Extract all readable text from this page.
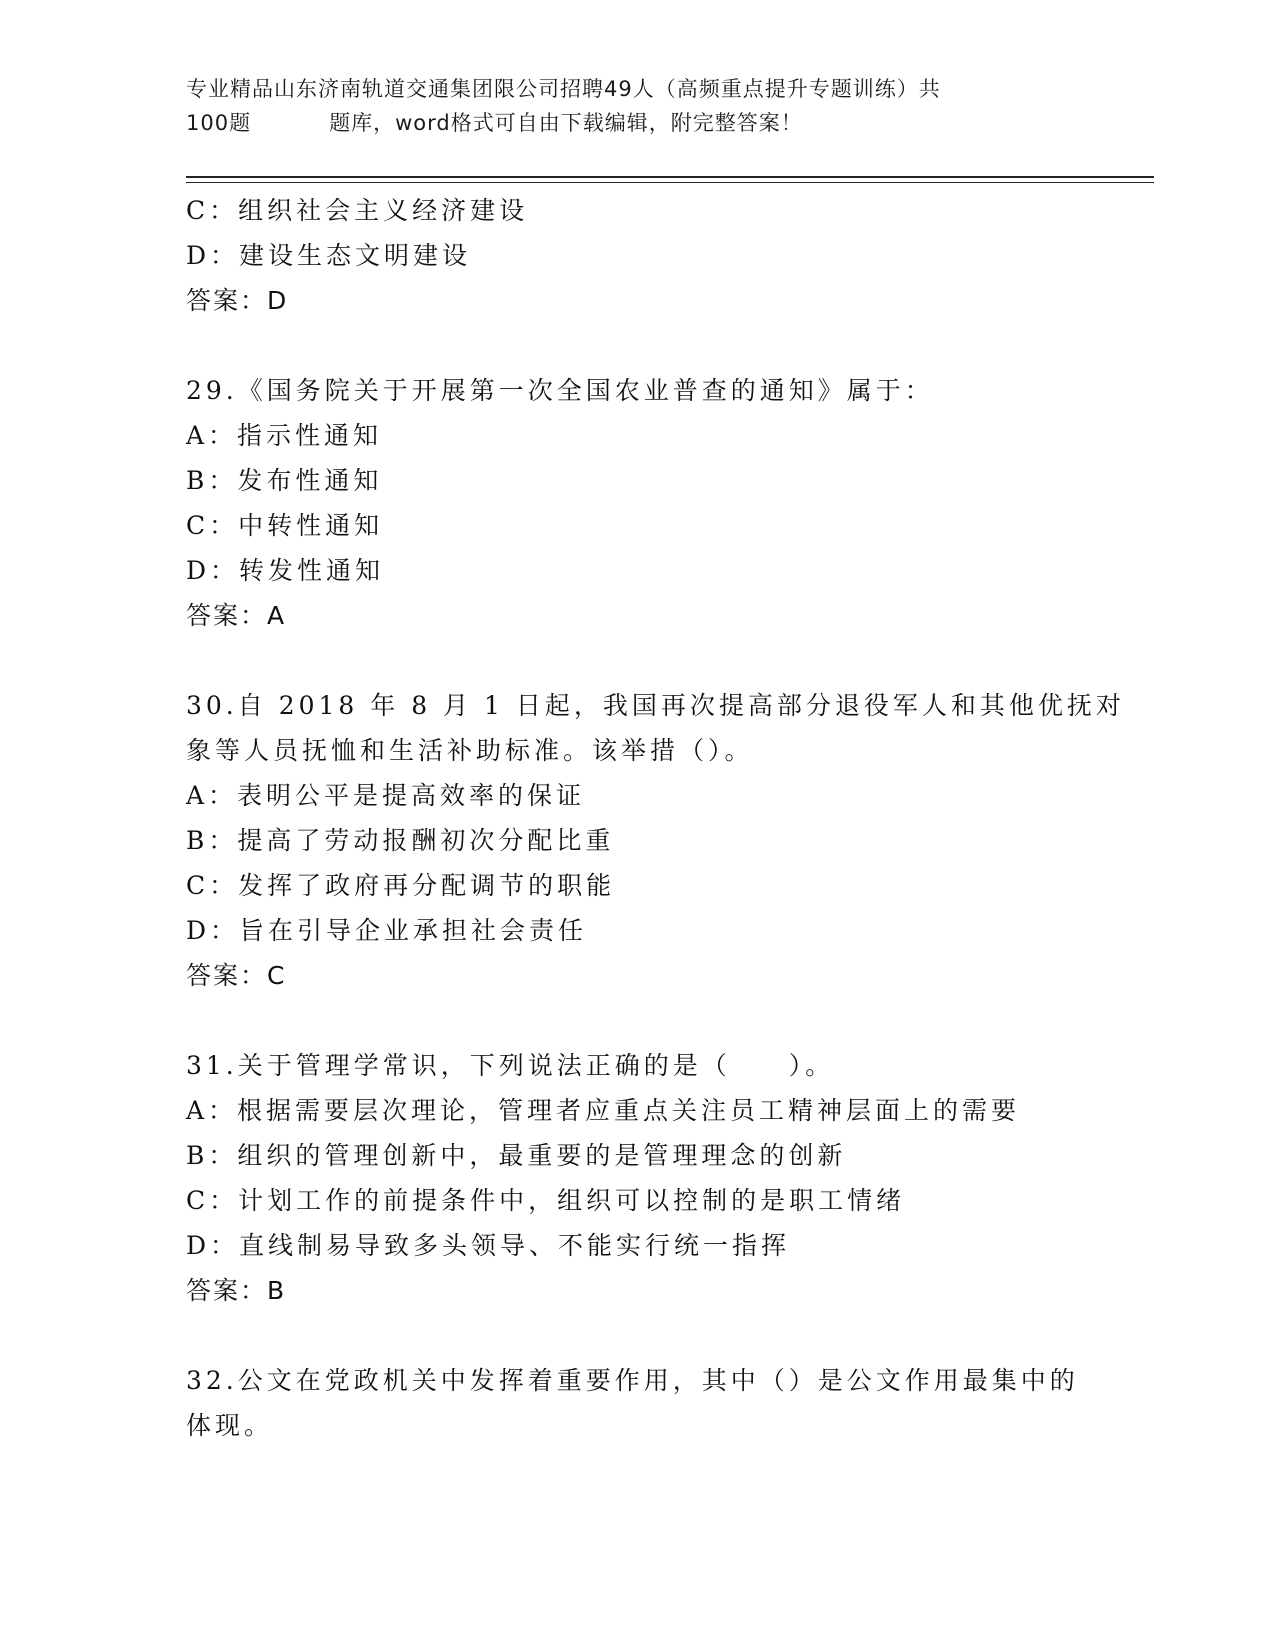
专业精品山东济南轨道交通集团限公司招聘49人（高频重点提升专题训练）共
100题	题库，word格式可自由下载编辑，附完整答案！
C：组织社会主义经济建设
D：建设生态文明建设
答案：D
29.《国务院关于开展第一次全国农业普查的通知》属于：
A：指示性通知
B：发布性通知
C：中转性通知
D：转发性通知
答案：A
30.自 2018 年 8 月 1 日起，我国再次提高部分退役军人和其他优抚对
象等人员抚恤和生活补助标准。该举措（）。
A：表明公平是提高效率的保证
B：提高了劳动报酬初次分配比重
C：发挥了政府再分配调节的职能
D：旨在引导企业承担社会责任
答案：C
31.关于管理学常识，下列说法正确的是（　　）。
A：根据需要层次理论，管理者应重点关注员工精神层面上的需要
B：组织的管理创新中，最重要的是管理理念的创新
C：计划工作的前提条件中，组织可以控制的是职工情绪
D：直线制易导致多头领导、不能实行统一指挥
答案：B
32.公文在党政机关中发挥着重要作用，其中（）是公文作用最集中的
体现。
